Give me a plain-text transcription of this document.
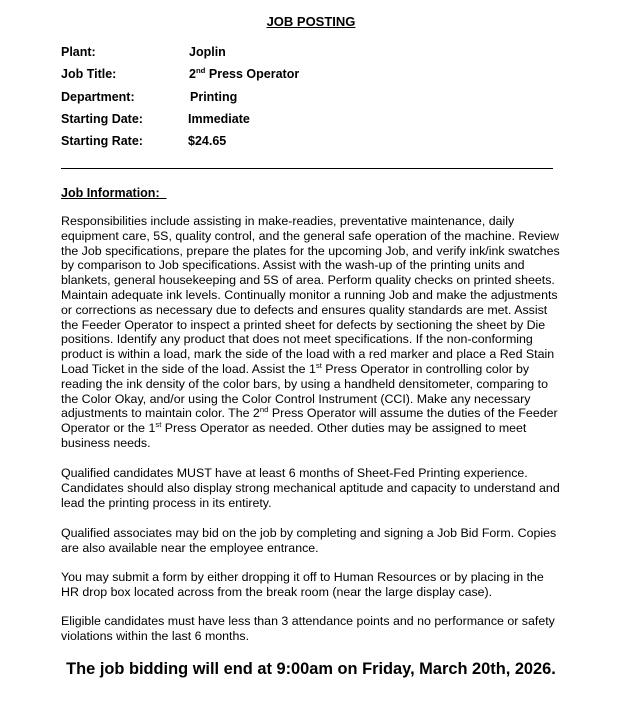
JOB POSTING
Plant:	Joplin
Job Title:	2nd Press Operator
Department:	Printing
Starting Date:	Immediate
Starting Rate:	$24.65
Job Information:
Responsibilities include assisting in make-readies, preventative maintenance, daily equipment care, 5S, quality control, and the general safe operation of the machine. Review the Job specifications, prepare the plates for the upcoming Job, and verify ink/ink swatches by comparison to Job specifications. Assist with the wash-up of the printing units and blankets, general housekeeping and 5S of area. Perform quality checks on printed sheets. Maintain adequate ink levels. Continually monitor a running Job and make the adjustments or corrections as necessary due to defects and ensures quality standards are met. Assist the Feeder Operator to inspect a printed sheet for defects by sectioning the sheet by Die positions. Identify any product that does not meet specifications. If the non-conforming product is within a load, mark the side of the load with a red marker and place a Red Stain Load Ticket in the side of the load. Assist the 1st Press Operator in controlling color by reading the ink density of the color bars, by using a handheld densitometer, comparing to the Color Okay, and/or using the Color Control Instrument (CCI). Make any necessary adjustments to maintain color. The 2nd Press Operator will assume the duties of the Feeder Operator or the 1st Press Operator as needed. Other duties may be assigned to meet business needs.
Qualified candidates MUST have at least 6 months of Sheet-Fed Printing experience. Candidates should also display strong mechanical aptitude and capacity to understand and lead the printing process in its entirety.
Qualified associates may bid on the job by completing and signing a Job Bid Form. Copies are also available near the employee entrance.
You may submit a form by either dropping it off to Human Resources or by placing in the HR drop box located across from the break room (near the large display case).
Eligible candidates must have less than 3 attendance points and no performance or safety violations within the last 6 months.
The job bidding will end at 9:00am on Friday, March 20th, 2026.
